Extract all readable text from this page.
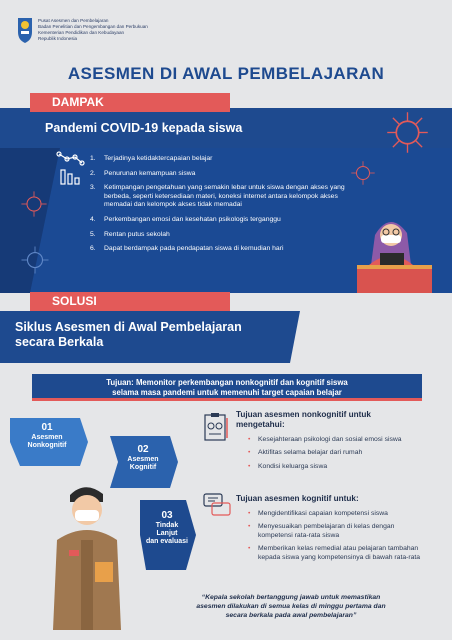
Pusat Asesmen dan Pembelajaran
Badan Penelitian dan Pengembangan dan Perbukuan
Kementerian Pendidikan dan Kebudayaan
Republik Indonesia
ASESMEN DI AWAL PEMBELAJARAN
DAMPAK
Pandemi COVID-19 kepada siswa
1.	Terjadinya ketidaktercapaian belajar
2.	Penurunan kemampuan siswa
3.	Ketimpangan pengetahuan yang semakin lebar untuk siswa dengan akses yang berbeda, seperti ketersediaan materi, koneksi internet antara kelompok akses memadai dan kelompok akses tidak memadai
4.	Perkembangan emosi dan kesehatan psikologis terganggu
5.	Rentan putus sekolah
6.	Dapat berdampak pada pendapatan siswa di kemudian hari
SOLUSI
Siklus Asesmen di Awal Pembelajaran
secara Berkala
Tujuan: Memonitor perkembangan nonkognitif dan kognitif siswa
selama masa pandemi untuk memenuhi target capaian belajar
01
Asesmen
Nonkognitif	02
Asesmen
Kognitif
03
Tindak
Lanjut
dan evaluasi
Tujuan asesmen nonkognitif untuk
mengetahui:
•	Kesejahteraan psikologi dan sosial emosi siswa
•	Aktifitas selama belajar dari rumah
•	Kondisi keluarga siswa
Tujuan asesmen kognitif untuk:
•	Mengidentifikasi capaian kompetensi siswa
•	Menyesuaikan pembelajaran di kelas dengan kompetensi rata-rata siswa
•	Memberikan kelas remedial atau pelajaran tambahan kepada siswa yang kompetensinya di bawah rata-rata
“Kepala sekolah bertanggung jawab untuk memastikan
asesmen dilakukan di semua kelas di minggu pertama dan
secara berkala pada awal pembelajaran”
